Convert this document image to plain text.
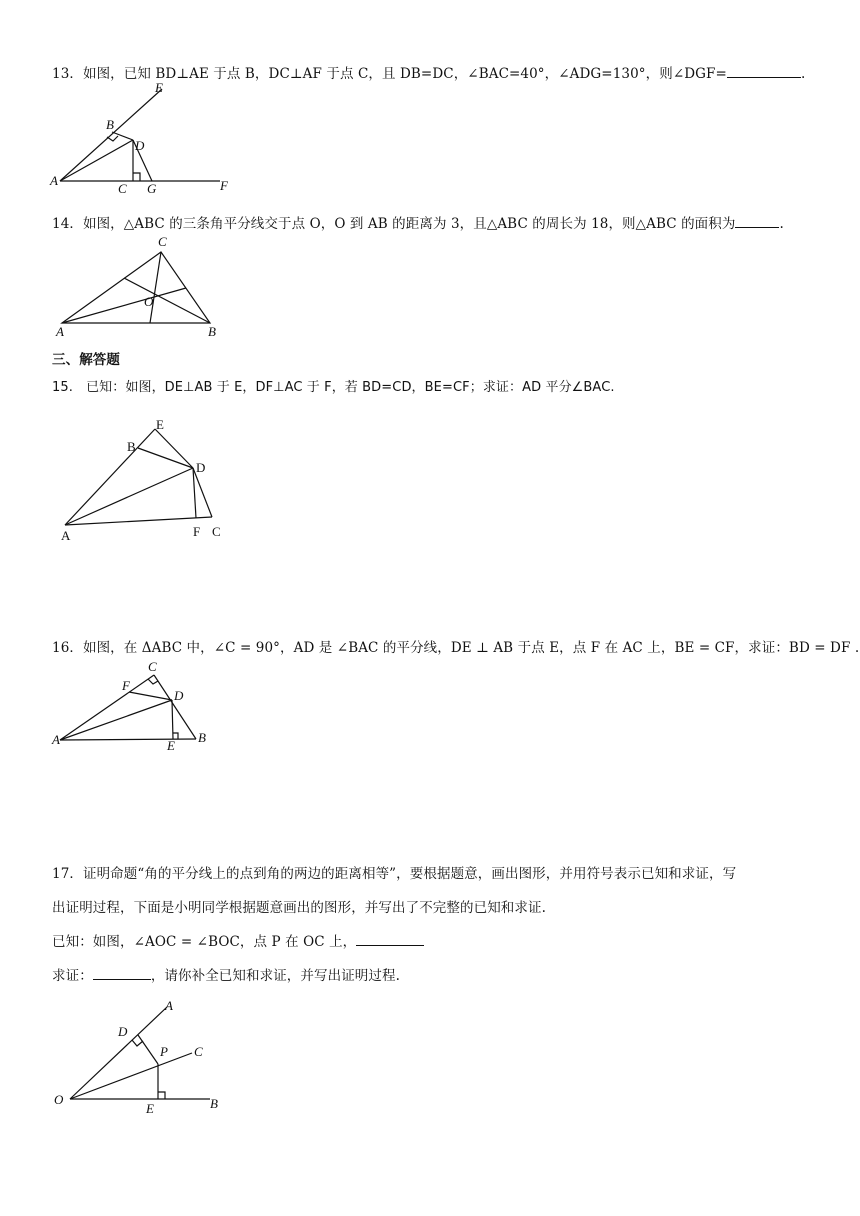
13．如图，已知 BD⊥AE 于点 B，DC⊥AF 于点 C，且 DB=DC，∠BAC=40°，∠ADG=130°，则∠DGF=	.
E
B
D
A
C G	F
14．如图，△ABC 的三条角平分线交于点 O，O 到 AB 的距离为 3，且△ABC 的周长为 18，则△ABC 的面积为	.
C
O
A	B
三、解答题
15.　已知：如图，DE⊥AB 于 E，DF⊥AC 于 F，若 BD=CD，BE=CF；求证：AD 平分∠BAC.
E
B
D
A	F C
16．如图，在 ΔABC 中，∠C = 90°，AD 是 ∠BAC 的平分线，DE ⊥ AB 于点 E，点 F 在 AC 上，BE = CF，求证：BD = DF .
C
F
D
A	E
B
17．证明命题“角的平分线上的点到角的两边的距离相等”，要根据题意，画出图形，并用符号表示已知和求证，写
出证明过程，下面是小明同学根据题意画出的图形，并写出了不完整的已知和求证.
已知：如图，∠AOC = ∠BOC，点 P 在 OC 上，
求证：	，请你补全已知和求证，并写出证明过程.
A
D
P C
O
E	B
